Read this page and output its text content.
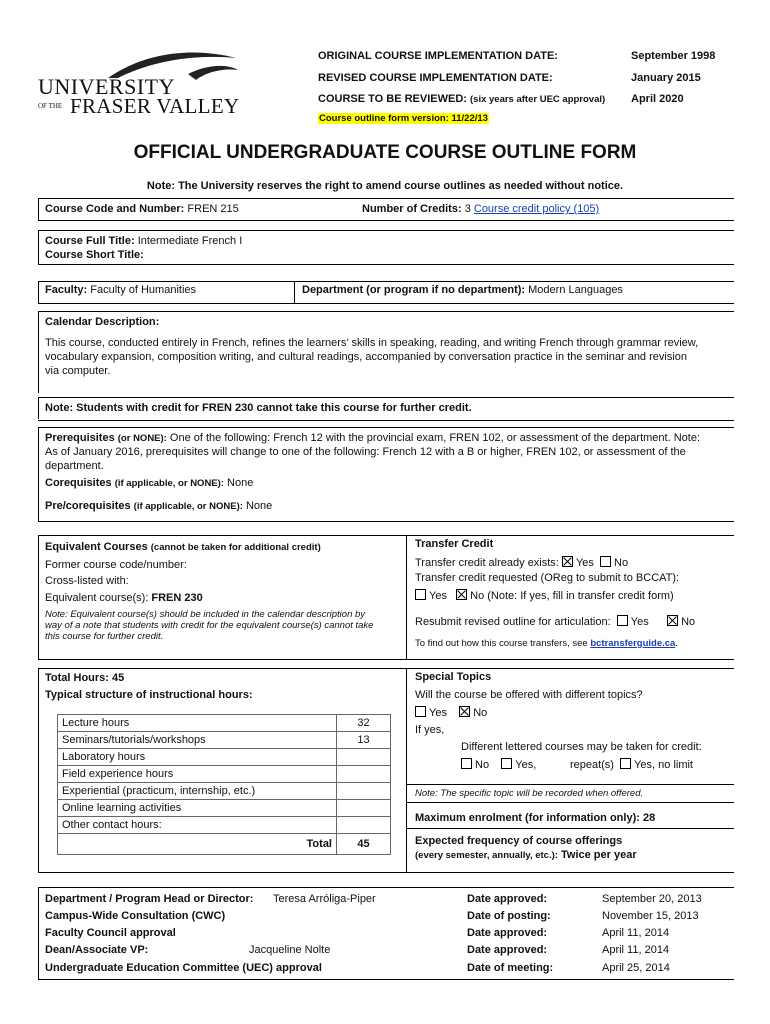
UNIVERSITY
OF THE FRASER VALLEY
ORIGINAL COURSE IMPLEMENTATION DATE:	September 1998
REVISED COURSE IMPLEMENTATION DATE:	January 2015
COURSE TO BE REVIEWED: (six years after UEC approval) April 2020
Course outline form version: 11/22/13
OFFICIAL UNDERGRADUATE COURSE OUTLINE FORM
Note: The University reserves the right to amend course outlines as needed without notice.
Course Code and Number: FREN 215	Number of Credits: 3 Course credit policy (105)
Course Full Title: Intermediate French I
Course Short Title:
Faculty: Faculty of Humanities	Department (or program if no department): Modern Languages
Calendar Description:
This course, conducted entirely in French, refines the learners’ skills in speaking, reading, and writing French through grammar review,
vocabulary expansion, composition writing, and cultural readings, accompanied by conversation practice in the seminar and revision
via computer.
Note: Students with credit for FREN 230 cannot take this course for further credit.
Prerequisites (or NONE): One of the following: French 12 with the provincial exam, FREN 102, or assessment of the department. Note:
As of January 2016, prerequisites will change to one of the following: French 12 with a B or higher, FREN 102, or assessment of the
department.
Corequisites (if applicable, or NONE): None
Pre/corequisites (if applicable, or NONE): None
Equivalent Courses (cannot be taken for additional credit)
Former course code/number:
Cross-listed with:
Equivalent course(s): FREN 230
Note: Equivalent course(s) should be included in the calendar description by
way of a note that students with credit for the equivalent course(s) cannot take
this course for further credit.
Transfer Credit
Transfer credit already exists: Yes No
Transfer credit requested (OReg to submit to BCCAT):
Yes No (Note: If yes, fill in transfer credit form)
Resubmit revised outline for articulation: Yes	No
To find out how this course transfers, see bctransferguide.ca.
Total Hours: 45
Typical structure of instructional hours:
Lecture hours	32
Seminars/tutorials/workshops	13
Laboratory hours	
Field experience hours	
Experiential (practicum, internship, etc.)	
Online learning activities	
Other contact hours:	
Total	45
Special Topics
Will the course be offered with different topics?
Yes No
If yes,
Different lettered courses may be taken for credit:
No Yes,	repeat(s) Yes, no limit
Note: The specific topic will be recorded when offered.
Maximum enrolment (for information only): 28
Expected frequency of course offerings
(every semester, annually, etc.): Twice per year
Department / Program Head or Director: Teresa Arróliga-Piper	Date approved:	September 20, 2013
Campus-Wide Consultation (CWC)	Date of posting:	November 15, 2013
Faculty Council approval	Date approved:	April 11, 2014
Dean/Associate VP:	Jacqueline Nolte	Date approved:	April 11, 2014
Undergraduate Education Committee (UEC) approval	Date of meeting:	April 25, 2014
